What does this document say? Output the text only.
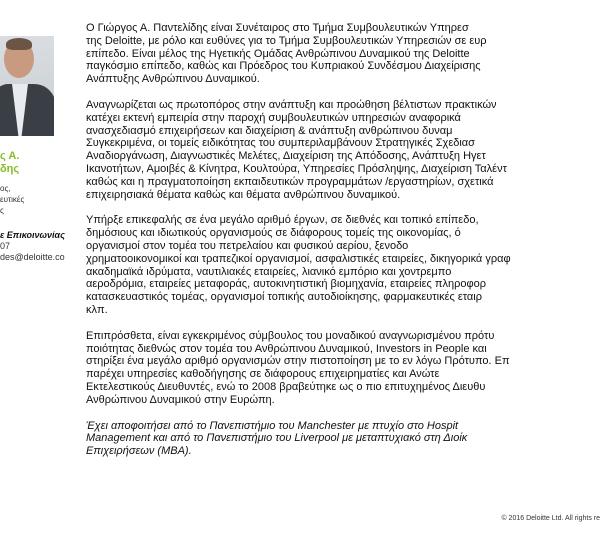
ς Α.
δης
ος,
ευτικές
ς
ε Επικοινωνίας
07
des@deloitte.co

Ο Γιώργος Α. Παντελίδης είναι Συνέταιρος στο Τμήμα Συμβουλευτικών Υπηρεσ
της Deloitte, με ρόλο και ευθύνες για το Τμήμα Συμβουλευτικών Υπηρεσιών σε ευρ
επίπεδο. Είναι μέλος της Ηγετικής Ομάδας Ανθρώπινου Δυναμικού της Deloitte
παγκόσμιο επίπεδο, καθώς και Πρόεδρος του Κυπριακού Συνδέσμου Διαχείρισης
Ανάπτυξης Ανθρώπινου Δυναμικού.

Αναγνωρίζεται ως πρωτοπόρος στην ανάπτυξη και προώθηση βέλτιστων πρακτικών
κατέχει εκτενή εμπειρία στην παροχή συμβουλευτικών υπηρεσιών αναφορικά
ανασχεδιασμό επιχειρήσεων και διαχείριση & ανάπτυξη ανθρώπινου δυναμ
Συγκεκριμένα, οι τομείς ειδικότητας του συμπεριλαμβάνουν Στρατηγικές Σχεδιασ
Αναδιοργάνωση, Διαγνωστικές Μελέτες, Διαχείριση της Απόδοσης, Ανάπτυξη Ηγετ
Ικανοτήτων, Αμοιβές & Κίνητρα, Κουλτούρα, Υπηρεσίες Πρόσληψης, Διαχείριση Ταλέντ
καθώς και η πραγματοποίηση εκπαιδευτικών προγραμμάτων /εργαστηρίων, σχετικά
επιχειρησιακά θέματα καθώς και θέματα ανθρώπινου δυναμικού.

Υπήρξε επικεφαλής σε ένα μεγάλο αριθμό έργων, σε διεθνές και τοπικό επίπεδο,
δημόσιους και ιδιωτικούς οργανισμούς σε διάφορους τομείς της οικονομίας, ό
οργανισμοί στον τομέα του πετρελαίου και φυσικού αερίου, ξενοδο
χρηματοοικονομικοί και τραπεζικοί οργανισμοί, ασφαλιστικές εταιρείες, δικηγορικά γραφ
ακαδημαϊκά ιδρύματα, ναυτιλιακές εταιρείες, λιανικό εμπόριο και χοντρεμπο
αεροδρόμια, εταιρείες μεταφοράς, αυτοκινητιστική βιομηχανία, εταιρείες πληροφορ
κατασκευαστικός τομέας, οργανισμοί τοπικής αυτοδιοίκησης, φαρμακευτικές εταιρ
κλπ.

Επιπρόσθετα, είναι εγκεκριμένος σύμβουλος του μοναδικού αναγνωρισμένου πρότυ
ποιότητας διεθνώς στον τομέα του Ανθρώπινου Δυναμικού, Investors in People και
στηρίξει ένα μεγάλο αριθμό οργανισμών στην πιστοποίηση με το εν λόγω Πρότυπο. Επ
παρέχει υπηρεσίες καθοδήγησης σε διάφορους επιχειρηματίες και Ανώτε
Εκτελεστικούς Διευθυντές, ενώ το 2008 βραβεύτηκε ως ο πιο επιτυχημένος Διευθυ
Ανθρώπινου Δυναμικού στην Ευρώπη.

Έχει αποφοιτήσει από το Πανεπιστήμιο του Manchester με πτυχίο στο Hospit
Management και από το Πανεπιστήμιο του Liverpool με μεταπτυχιακό στη Διοίκ
Επιχειρήσεων (ΜΒΑ).

© 2016 Deloitte Ltd. All rights re
